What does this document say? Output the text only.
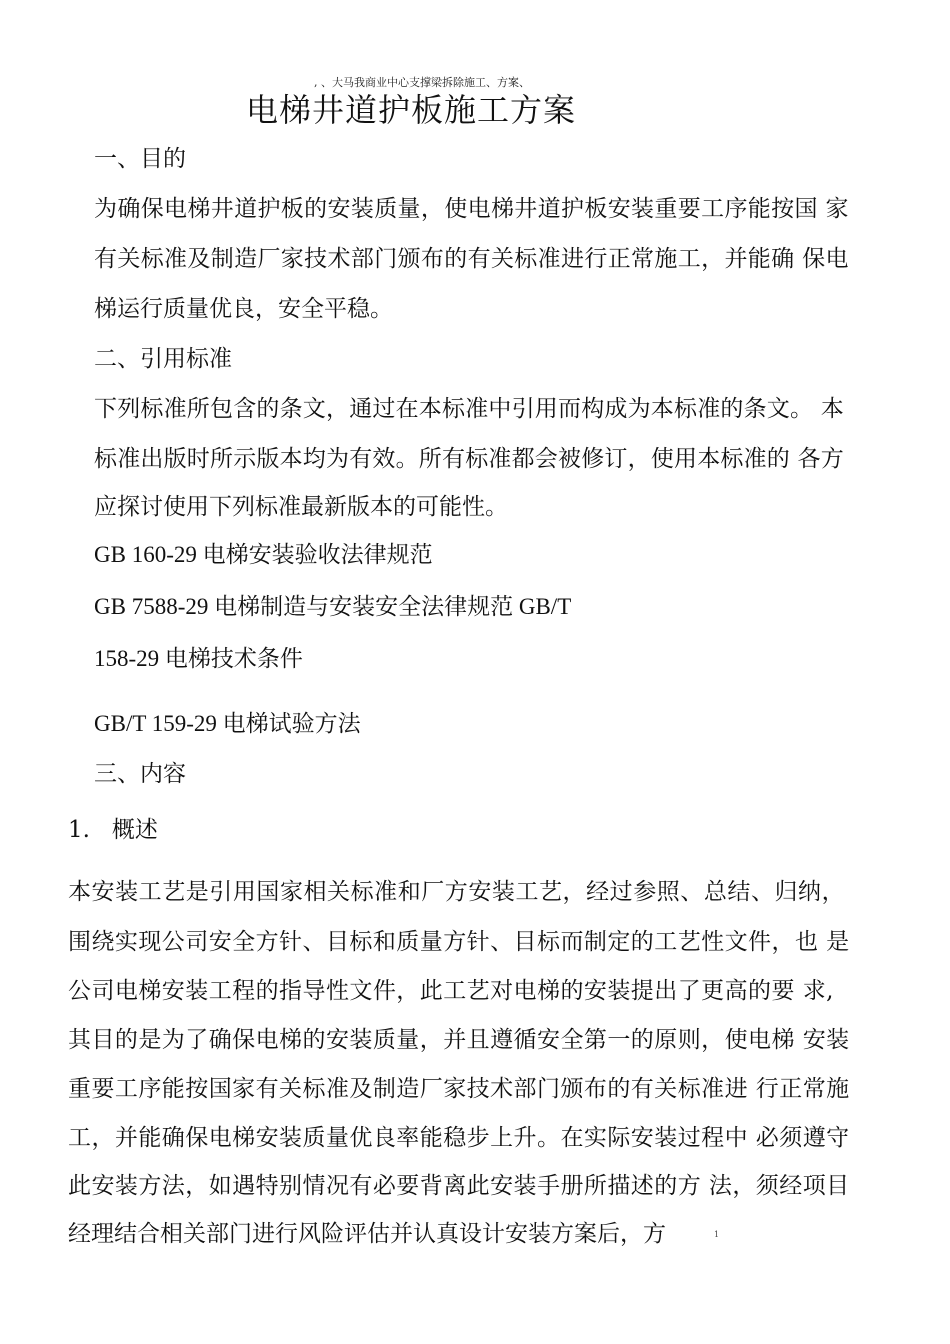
, 、大马我商业中心支撑梁拆除施工、方案、
电梯井道护板施工方案
一、目的
为确保电梯井道护板的安装质量，使电梯井道护板安装重要工序能按国 家
有关标准及制造厂家技术部门颁布的有关标准进行正常施工，并能确 保电
梯运行质量优良，安全平稳。
二、引用标准
下列标准所包含的条文，通过在本标准中引用而构成为本标准的条文。 本
标准出版时所示版本均为有效。所有标准都会被修订，使用本标准的 各方
应探讨使用下列标准最新版本的可能性。
GB 160-29 电梯安装验收法律规范
GB 7588-29 电梯制造与安装安全法律规范 GB/T
158-29 电梯技术条件
GB/T 159-29 电梯试验方法
三、内容
1.   概述
本安装工艺是引用国家相关标准和厂方安装工艺，经过参照、总结、归纳，
围绕实现公司安全方针、目标和质量方针、目标而制定的工艺性文件，也 是
公司电梯安装工程的指导性文件，此工艺对电梯的安装提出了更高的要 求,
其目的是为了确保电梯的安装质量，并且遵循安全第一的原则，使电梯 安装
重要工序能按国家有关标准及制造厂家技术部门颁布的有关标准进 行正常施
工，并能确保电梯安装质量优良率能稳步上升。在实际安装过程中 必须遵守
此安装方法，如遇特别情况有必要背离此安装手册所描述的方 法，须经项目
经理结合相关部门进行风险评估并认真设计安装方案后，方	1
